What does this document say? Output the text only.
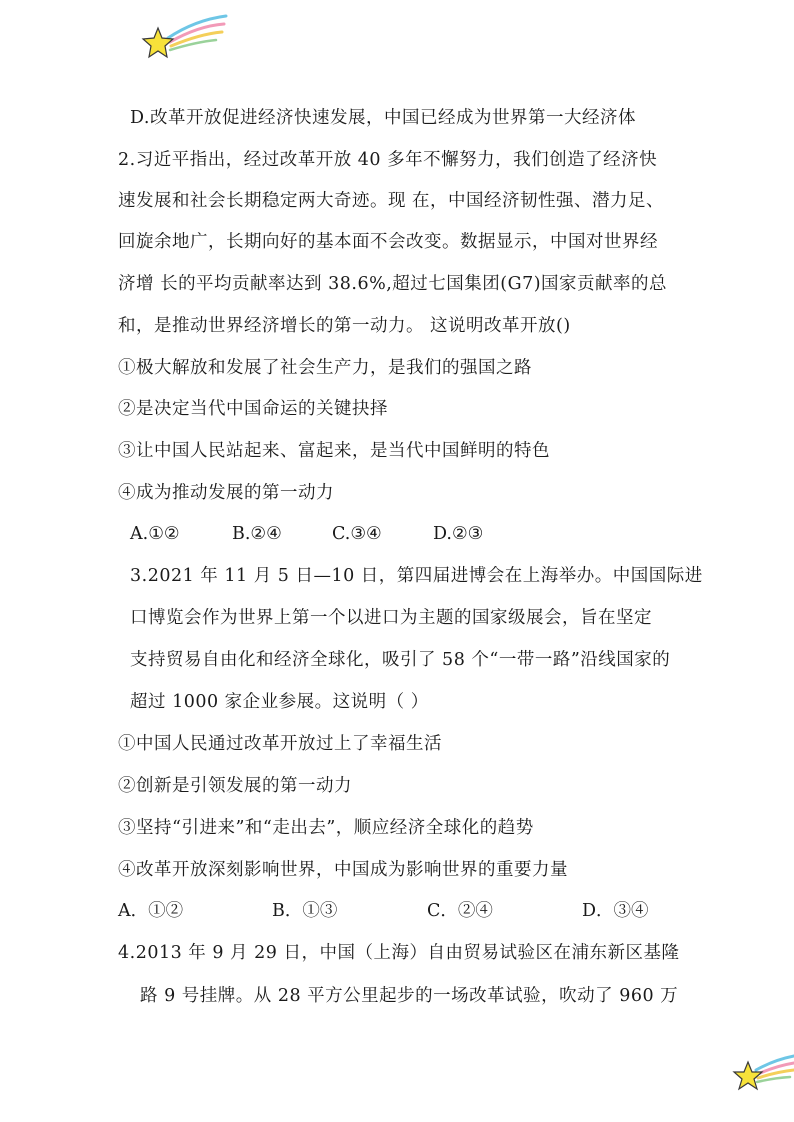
D.改革开放促进经济快速发展，中国已经成为世界第一大经济体
2.习近平指出，经过改革开放 40 多年不懈努力，我们创造了经济快
速发展和社会长期稳定两大奇迹。现 在，中国经济韧性强、潜力足、
回旋余地广，长期向好的基本面不会改变。数据显示，中国对世界经
济增 长的平均贡献率达到 38.6%,超过七国集团(G7)国家贡献率的总
和，是推动世界经济增长的第一动力。 这说明改革开放()
①极大解放和发展了社会生产力，是我们的强国之路
②是决定当代中国命运的关键抉择
③让中国人民站起来、富起来，是当代中国鲜明的特色
④成为推动发展的第一动力
A.①②	B.②④	C.③④	D.②③
3.2021 年 11 月 5 日—10 日，第四届进博会在上海举办。中国国际进
口博览会作为世界上第一个以进口为主题的国家级展会，旨在坚定
支持贸易自由化和经济全球化，吸引了 58 个“一带一路”沿线国家的
超过 1000 家企业参展。这说明（ ）
①中国人民通过改革开放过上了幸福生活
②创新是引领发展的第一动力
③坚持“引进来”和“走出去”，顺应经济全球化的趋势
④改革开放深刻影响世界，中国成为影响世界的重要力量
A．①②	B．①③	C．②④	D．③④
4.2013 年 9 月 29 日，中国（上海）自由贸易试验区在浦东新区基隆
路 9 号挂牌。从 28 平方公里起步的一场改革试验，吹动了 960 万
